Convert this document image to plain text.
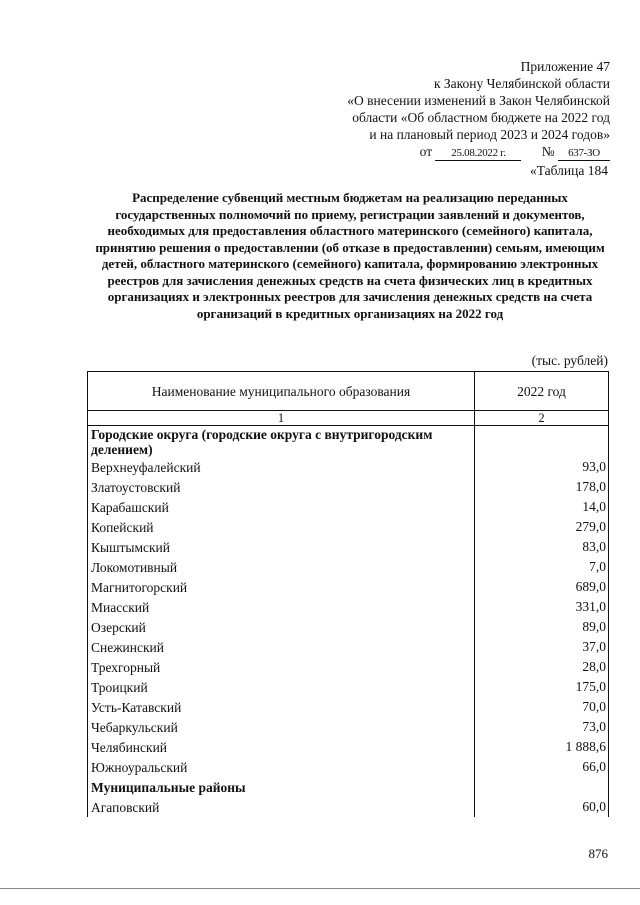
Приложение 47
к Закону Челябинской области
«О внесении изменений в Закон Челябинской
области «Об областном бюджете на 2022 год
и на плановый период 2023 и 2024 годов»
от 25.08.2022 г.	№ 637-ЗО
«Таблица 184
Распределение субвенций местным бюджетам на реализацию переданных государственных полномочий по приему, регистрации заявлений и документов, необходимых для предоставления областного материнского (семейного) капитала, принятию решения о предоставлении (об отказе в предоставлении) семьям, имеющим детей, областного материнского (семейного) капитала, формированию электронных реестров для зачисления денежных средств на счета физических лиц в кредитных организациях и электронных реестров для зачисления денежных средств на счета организаций в кредитных организациях на 2022 год
(тыс. рублей)
Наименование муниципального образования	2022 год
1	2
Городские округа (городские округа с внутригородским делением)	
Верхнеуфалейский	93,0
Златоустовский	178,0
Карабашский	14,0
Копейский	279,0
Кыштымский	83,0
Локомотивный	7,0
Магнитогорский	689,0
Миасский	331,0
Озерский	89,0
Снежинский	37,0
Трехгорный	28,0
Троицкий	175,0
Усть-Катавский	70,0
Чебаркульский	73,0
Челябинский	1 888,6
Южноуральский	66,0
Муниципальные районы	
Агаповский	60,0
876
